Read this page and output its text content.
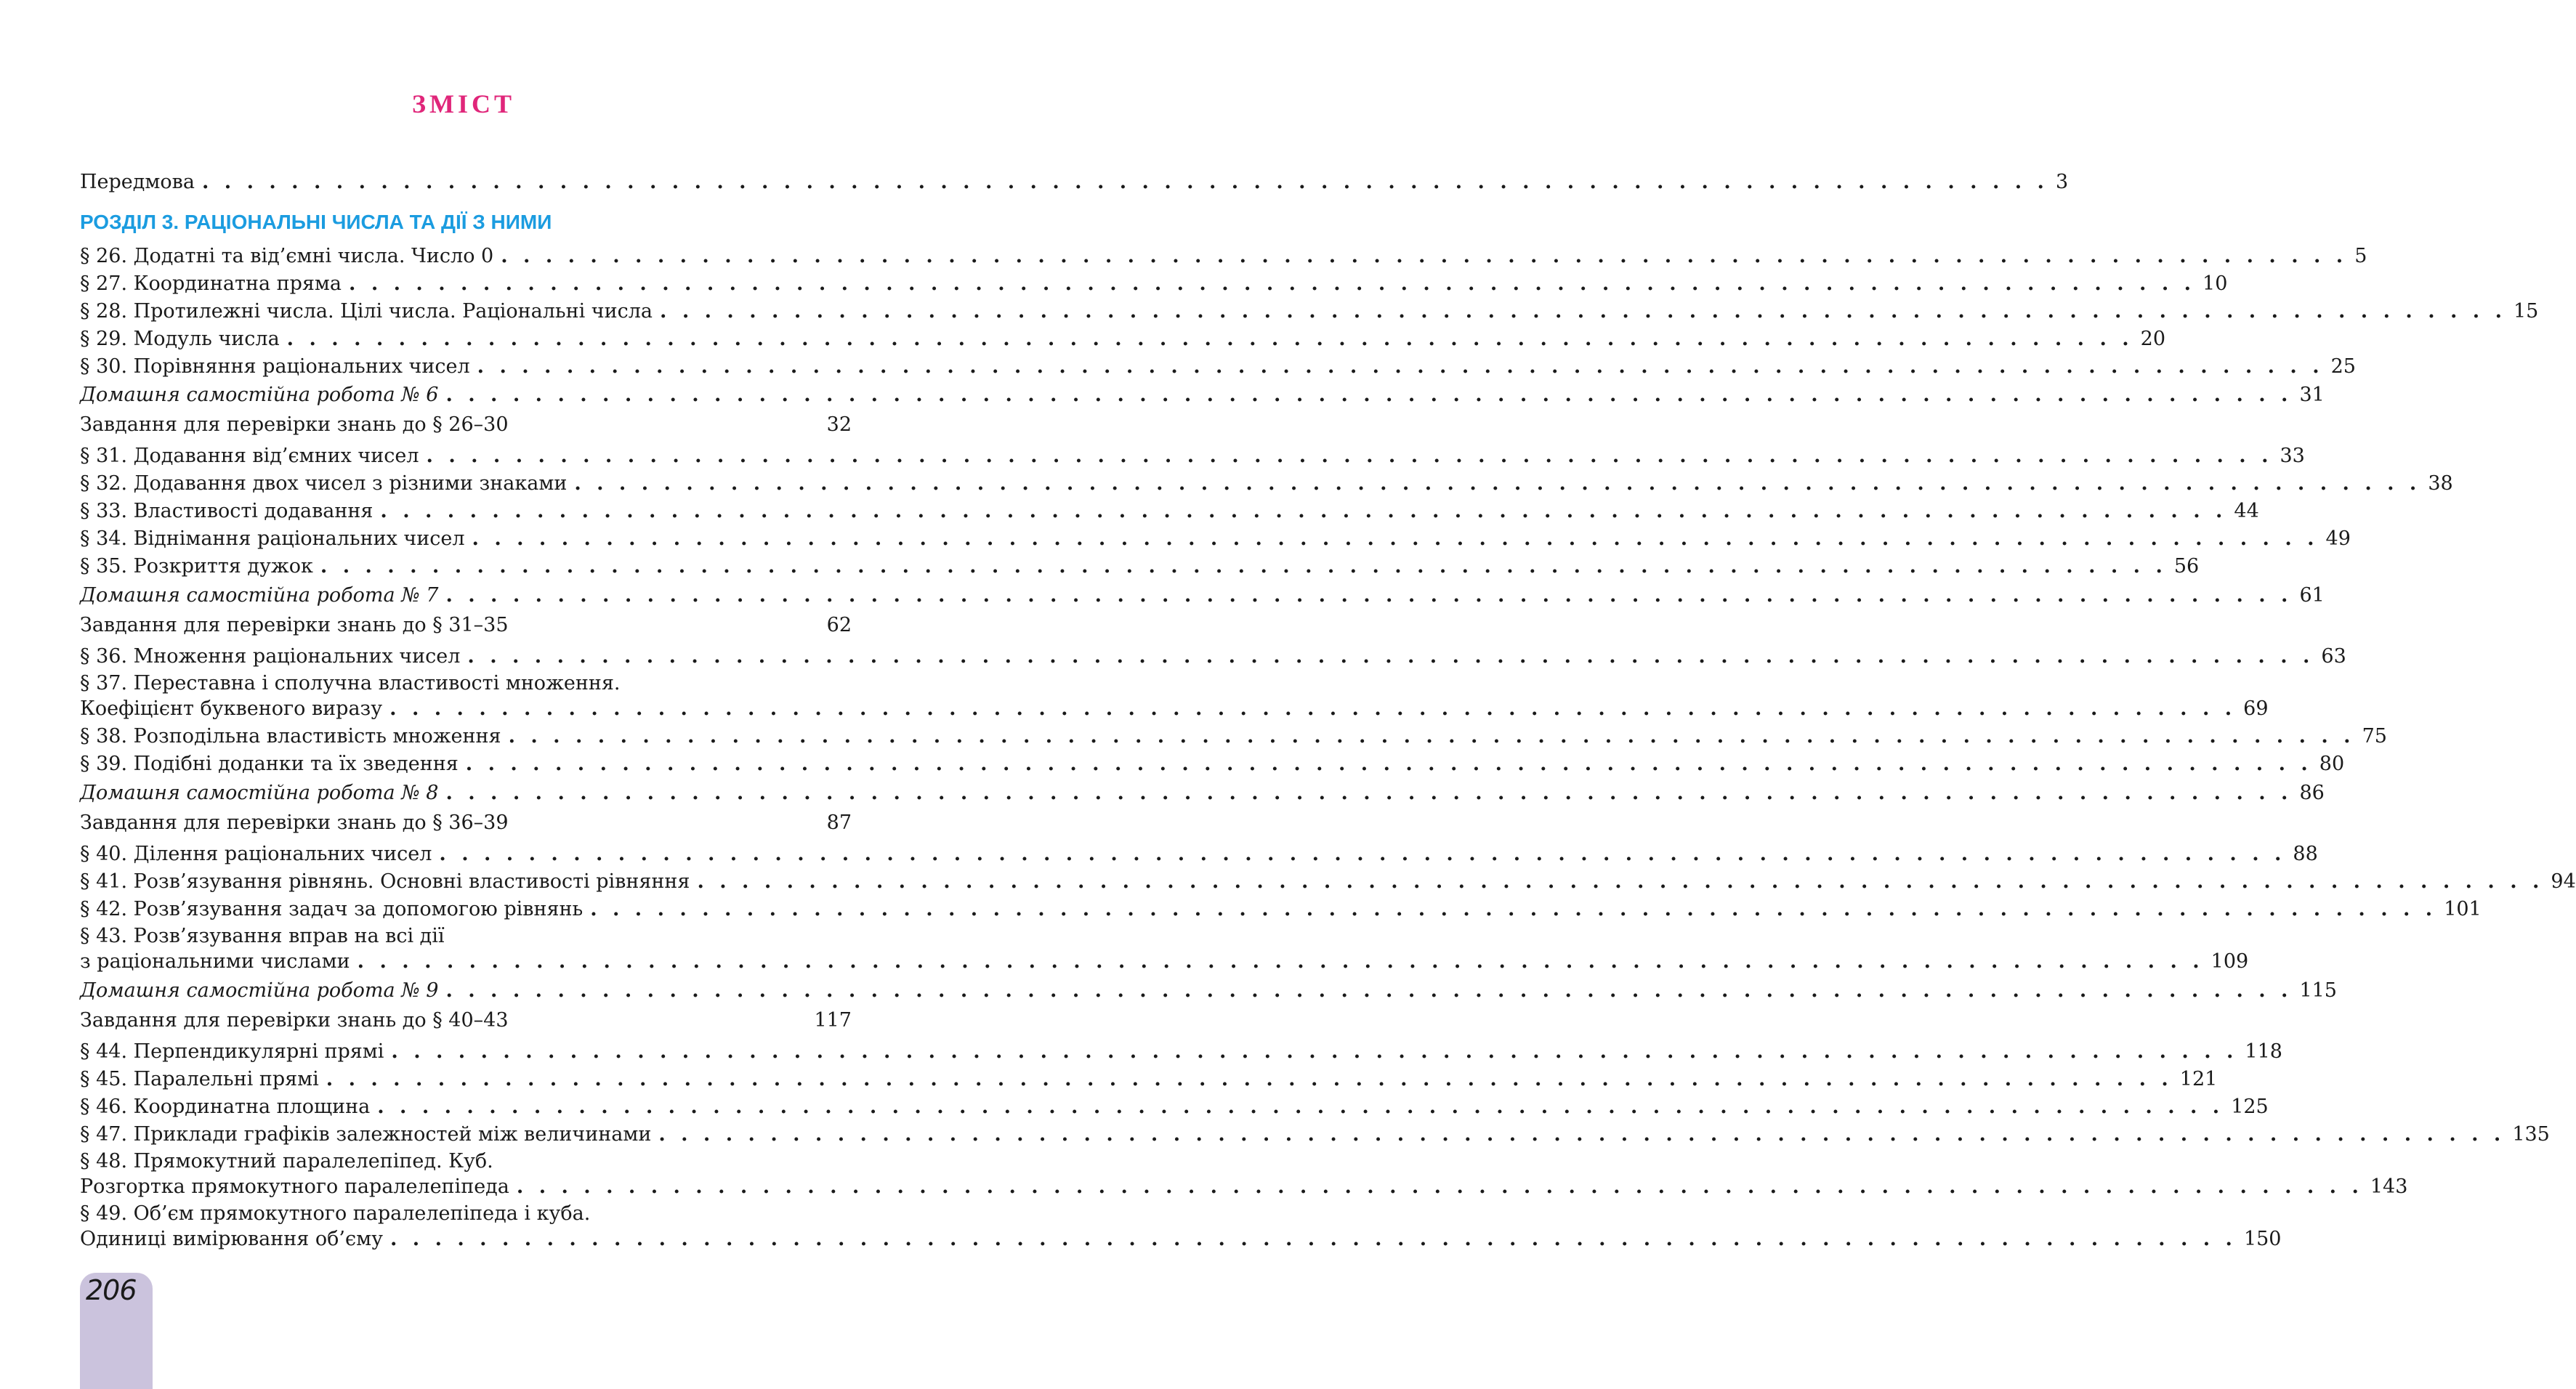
ЗМІСТ
Передмова . . . . . . . . . . . . . . . . . . . . . . . . . . . . . . . . . . . . . . . . . . . . . . . . . . . . . . . . . . . . . . . . . . . . . . . . . . . . . . . . . . . 3
§ 26. Додатні та від’ємні числа. Число 0 . . . . . . . . . . . . . . . . . . . . . . . . . . . . . . . . . . . . . . . . . . . . . . . . . . . . . . . . . . . . . . . . . . . . . . . . . . . . . . . . . . . 5
§ 27. Координатна пряма . . . . . . . . . . . . . . . . . . . . . . . . . . . . . . . . . . . . . . . . . . . . . . . . . . . . . . . . . . . . . . . . . . . . . . . . . . . . . . . . . . . 10
§ 28. Протилежні числа. Цілі числа. Раціональні числа . . . . . . . . . . . . . . . . . . . . . . . . . . . . . . . . . . . . . . . . . . . . . . . . . . . . . . . . . . . . . . . . . . . . . . . . . . . . . . . . . . . 15
§ 29. Модуль числа . . . . . . . . . . . . . . . . . . . . . . . . . . . . . . . . . . . . . . . . . . . . . . . . . . . . . . . . . . . . . . . . . . . . . . . . . . . . . . . . . . . 20
§ 30. Порівняння раціональних чисел . . . . . . . . . . . . . . . . . . . . . . . . . . . . . . . . . . . . . . . . . . . . . . . . . . . . . . . . . . . . . . . . . . . . . . . . . . . . . . . . . . . 25
Домашня самостійна робота № 6 . . . . . . . . . . . . . . . . . . . . . . . . . . . . . . . . . . . . . . . . . . . . . . . . . . . . . . . . . . . . . . . . . . . . . . . . . . . . . . . . . . . 31
Завдання для перевірки знань до § 26–30	32
§ 31. Додавання від’ємних чисел . . . . . . . . . . . . . . . . . . . . . . . . . . . . . . . . . . . . . . . . . . . . . . . . . . . . . . . . . . . . . . . . . . . . . . . . . . . . . . . . . . . 33
§ 32. Додавання двох чисел з різними знаками . . . . . . . . . . . . . . . . . . . . . . . . . . . . . . . . . . . . . . . . . . . . . . . . . . . . . . . . . . . . . . . . . . . . . . . . . . . . . . . . . . . 38
§ 33. Властивості додавання . . . . . . . . . . . . . . . . . . . . . . . . . . . . . . . . . . . . . . . . . . . . . . . . . . . . . . . . . . . . . . . . . . . . . . . . . . . . . . . . . . . 44
§ 34. Віднімання раціональних чисел . . . . . . . . . . . . . . . . . . . . . . . . . . . . . . . . . . . . . . . . . . . . . . . . . . . . . . . . . . . . . . . . . . . . . . . . . . . . . . . . . . . 49
§ 35. Розкриття дужок . . . . . . . . . . . . . . . . . . . . . . . . . . . . . . . . . . . . . . . . . . . . . . . . . . . . . . . . . . . . . . . . . . . . . . . . . . . . . . . . . . . 56
Домашня самостійна робота № 7 . . . . . . . . . . . . . . . . . . . . . . . . . . . . . . . . . . . . . . . . . . . . . . . . . . . . . . . . . . . . . . . . . . . . . . . . . . . . . . . . . . . 61
Завдання для перевірки знань до § 31–35	62
§ 36. Множення раціональних чисел . . . . . . . . . . . . . . . . . . . . . . . . . . . . . . . . . . . . . . . . . . . . . . . . . . . . . . . . . . . . . . . . . . . . . . . . . . . . . . . . . . . 63
§ 37. Переставна і сполучна властивості множення.
Коефіцієнт буквеного виразу . . . . . . . . . . . . . . . . . . . . . . . . . . . . . . . . . . . . . . . . . . . . . . . . . . . . . . . . . . . . . . . . . . . . . . . . . . . . . . . . . . . 69
§ 38. Розподільна властивість множення . . . . . . . . . . . . . . . . . . . . . . . . . . . . . . . . . . . . . . . . . . . . . . . . . . . . . . . . . . . . . . . . . . . . . . . . . . . . . . . . . . . 75
§ 39. Подібні доданки та їх зведення . . . . . . . . . . . . . . . . . . . . . . . . . . . . . . . . . . . . . . . . . . . . . . . . . . . . . . . . . . . . . . . . . . . . . . . . . . . . . . . . . . . 80
Домашня самостійна робота № 8 . . . . . . . . . . . . . . . . . . . . . . . . . . . . . . . . . . . . . . . . . . . . . . . . . . . . . . . . . . . . . . . . . . . . . . . . . . . . . . . . . . . 86
Завдання для перевірки знань до § 36–39	87
§ 40. Ділення раціональних чисел . . . . . . . . . . . . . . . . . . . . . . . . . . . . . . . . . . . . . . . . . . . . . . . . . . . . . . . . . . . . . . . . . . . . . . . . . . . . . . . . . . . 88
§ 41. Розв’язування рівнянь. Основні властивості рівняння . . . . . . . . . . . . . . . . . . . . . . . . . . . . . . . . . . . . . . . . . . . . . . . . . . . . . . . . . . . . . . . . . . . . . . . . . . . . . . . . . . . 94
§ 42. Розв’язування задач за допомогою рівнянь . . . . . . . . . . . . . . . . . . . . . . . . . . . . . . . . . . . . . . . . . . . . . . . . . . . . . . . . . . . . . . . . . . . . . . . . . . . . . . . . . . . 101
§ 43. Розв’язування вправ на всі дії
з раціональними числами . . . . . . . . . . . . . . . . . . . . . . . . . . . . . . . . . . . . . . . . . . . . . . . . . . . . . . . . . . . . . . . . . . . . . . . . . . . . . . . . . . . 109
Домашня самостійна робота № 9 . . . . . . . . . . . . . . . . . . . . . . . . . . . . . . . . . . . . . . . . . . . . . . . . . . . . . . . . . . . . . . . . . . . . . . . . . . . . . . . . . . . 115
Завдання для перевірки знань до § 40–43	117
§ 44. Перпендикулярні прямі . . . . . . . . . . . . . . . . . . . . . . . . . . . . . . . . . . . . . . . . . . . . . . . . . . . . . . . . . . . . . . . . . . . . . . . . . . . . . . . . . . . 118
§ 45. Паралельні прямі . . . . . . . . . . . . . . . . . . . . . . . . . . . . . . . . . . . . . . . . . . . . . . . . . . . . . . . . . . . . . . . . . . . . . . . . . . . . . . . . . . . 121
§ 46. Координатна площина . . . . . . . . . . . . . . . . . . . . . . . . . . . . . . . . . . . . . . . . . . . . . . . . . . . . . . . . . . . . . . . . . . . . . . . . . . . . . . . . . . . 125
§ 47. Приклади графіків залежностей між величинами . . . . . . . . . . . . . . . . . . . . . . . . . . . . . . . . . . . . . . . . . . . . . . . . . . . . . . . . . . . . . . . . . . . . . . . . . . . . . . . . . . . 135
§ 48. Прямокутний паралелепіпед. Куб.
Розгортка прямокутного паралелепіпеда . . . . . . . . . . . . . . . . . . . . . . . . . . . . . . . . . . . . . . . . . . . . . . . . . . . . . . . . . . . . . . . . . . . . . . . . . . . . . . . . . . . 143
§ 49. Об’єм прямокутного паралелепіпеда і куба.
Одиниці вимірювання об’єму . . . . . . . . . . . . . . . . . . . . . . . . . . . . . . . . . . . . . . . . . . . . . . . . . . . . . . . . . . . . . . . . . . . . . . . . . . . . . . . . . . . 150
РОЗДІЛ 3. РАЦІОНАЛЬНІ ЧИСЛА ТА ДІЇ З НИМИ
206
